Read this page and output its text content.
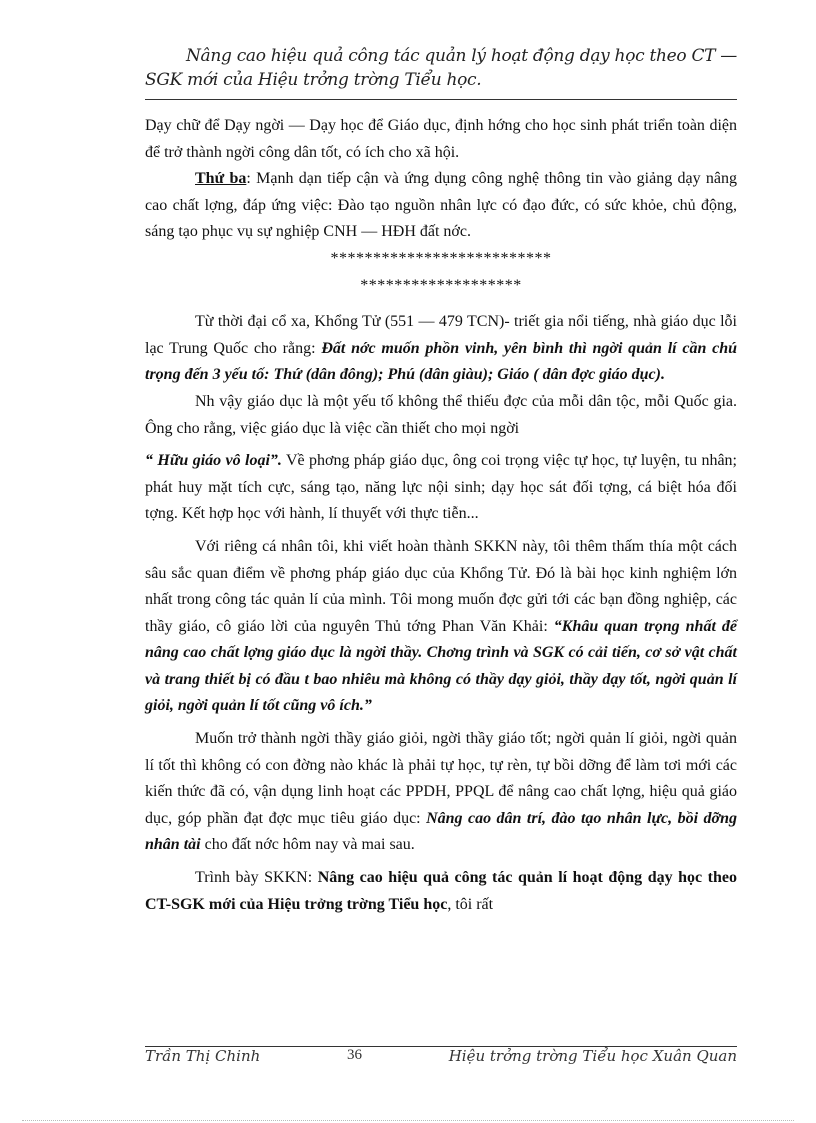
Nâng cao hiệu quả công tác quản lý hoạt động dạy học theo CT —
SGK mới của Hiệu trởng trờng Tiểu học.

Dạy chữ để Dạy ngời — Dạy học để Giáo dục, định hớng cho học sinh phát triển toàn diện để trở thành ngời công dân tốt, có ích cho xã hội.

Thứ ba: Mạnh dạn tiếp cận và ứng dụng công nghệ thông tin vào giảng dạy nâng cao chất lợng, đáp ứng việc: Đào tạo nguồn nhân lực có đạo đức, có sức khỏe, chủ động, sáng tạo phục vụ sự nghiệp CNH — HĐH đất nớc.

**************************

*******************

Từ thời đại cổ xa, Khổng Tử (551 — 479 TCN)- triết gia nổi tiếng, nhà giáo dục lỗi lạc Trung Quốc cho rằng: Đất nớc muốn phồn vinh, yên bình thì ngời quản lí cần chú trọng đến 3 yếu tố: Thứ (dân đông); Phú (dân giàu); Giáo ( dân đợc giáo dục).

Nh vậy giáo dục là một yếu tố không thể thiếu đợc của mỗi dân tộc, mỗi Quốc gia. Ông cho rằng, việc giáo dục là việc cần thiết cho mọi ngời

“ Hữu giáo vô loại”. Về phơng pháp giáo dục, ông coi trọng việc tự học, tự luyện, tu nhân; phát huy mặt tích cực, sáng tạo, năng lực nội sinh; dạy học sát đối tợng, cá biệt hóa đối tợng. Kết hợp học với hành, lí thuyết với thực tiễn...

Với riêng cá nhân tôi, khi viết hoàn thành SKKN này, tôi thêm thấm thía một cách sâu sắc quan điểm về phơng pháp giáo dục của Khổng Tử. Đó là bài học kinh nghiệm lớn nhất trong công tác quản lí của mình. Tôi mong muốn đợc gửi tới các bạn đồng nghiệp, các thầy giáo, cô giáo lời của nguyên Thủ tớng Phan Văn Khải: “Khâu quan trọng nhất để nâng cao chất lợng giáo dục là ngời thầy. Chơng trình và SGK có cải tiến, cơ sở vật chất và trang thiết bị có đầu t bao nhiêu mà không có thầy dạy giỏi, thầy dạy tốt, ngời quản lí giỏi, ngời quản lí tốt cũng vô ích.”

Muốn trở thành ngời thầy giáo giỏi, ngời thầy giáo tốt; ngời quản lí giỏi, ngời quản lí tốt thì không có con đờng nào khác là phải tự học, tự rèn, tự bồi dỡng để làm tơi mới các kiến thức đã có, vận dụng linh hoạt các PPDH, PPQL để nâng cao chất lợng, hiệu quả giáo dục, góp phần đạt đợc mục tiêu giáo dục: Nâng cao dân trí, đào tạo nhân lực, bồi dỡng nhân tài cho đất nớc hôm nay và mai sau.

Trình bày SKKN: Nâng cao hiệu quả công tác quản lí hoạt động dạy học theo CT-SGK mới của Hiệu trởng trờng Tiểu học, tôi rất

Trần Thị Chinh	36	Hiệu trởng trờng Tiểu học Xuân Quan
